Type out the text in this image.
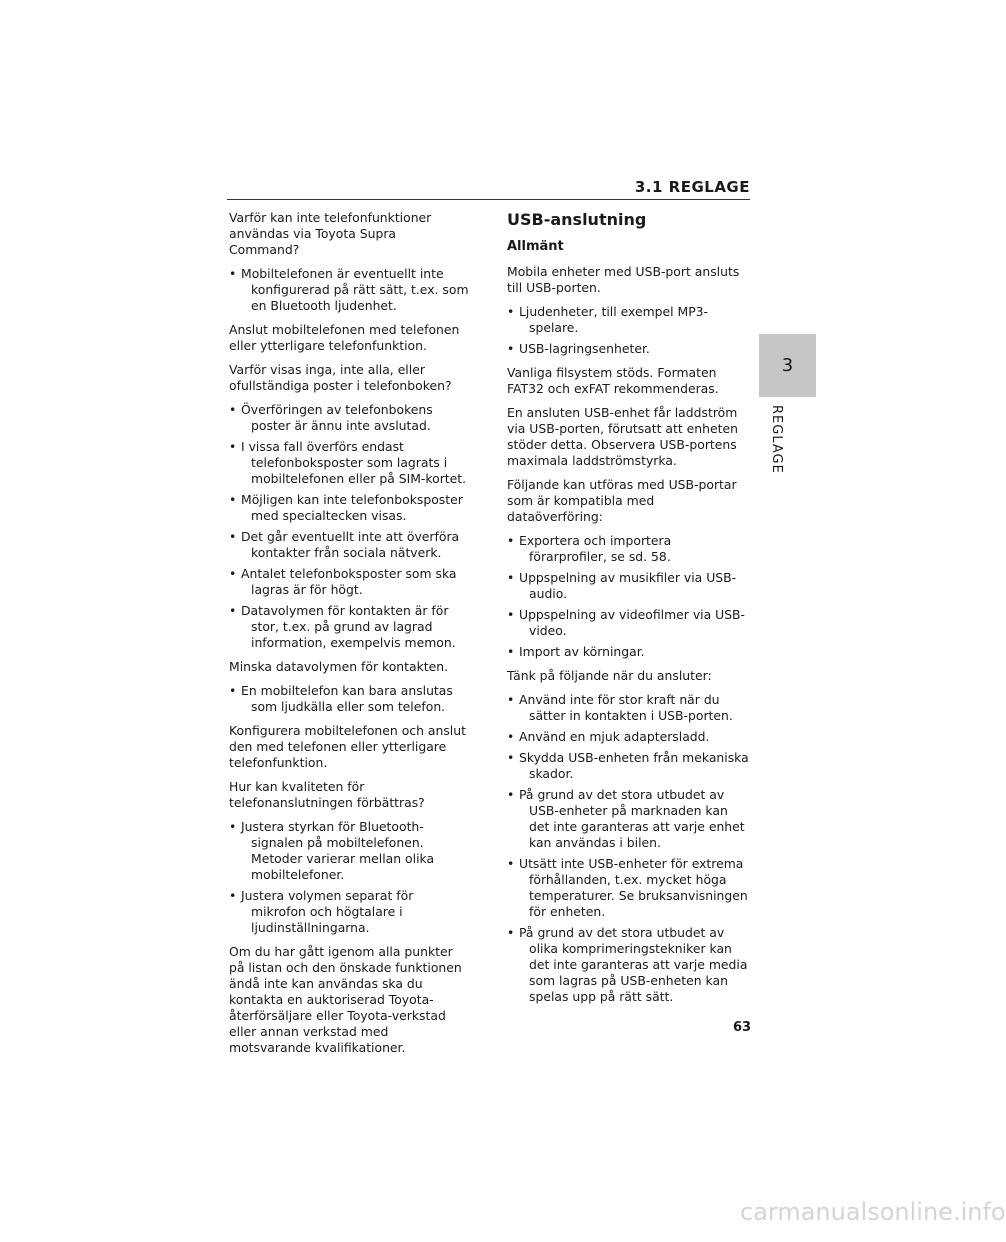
3.1 REGLAGE

Varför kan inte telefonfunktioner användas via Toyota Supra Command?

• Mobiltelefonen är eventuellt inte konfigurerad på rätt sätt, t.ex. som en Bluetooth ljudenhet.

Anslut mobiltelefonen med telefonen eller ytterligare telefonfunktion.

Varför visas inga, inte alla, eller ofullständiga poster i telefonboken?

• Överföringen av telefonbokens poster är ännu inte avslutad.
• I vissa fall överförs endast telefonboksposter som lagrats i mobiltelefonen eller på SIM-kortet.
• Möjligen kan inte telefonboksposter med specialtecken visas.
• Det går eventuellt inte att överföra kontakter från sociala nätverk.
• Antalet telefonboksposter som ska lagras är för högt.
• Datavolymen för kontakten är för stor, t.ex. på grund av lagrad information, exempelvis memon.

Minska datavolymen för kontakten.

• En mobiltelefon kan bara anslutas som ljudkälla eller som telefon.

Konfigurera mobiltelefonen och anslut den med telefonen eller ytterligare telefonfunktion.

Hur kan kvaliteten för telefonanslutningen förbättras?

• Justera styrkan för Bluetooth-signalen på mobiltelefonen. Metoder varierar mellan olika mobiltelefoner.
• Justera volymen separat för mikrofon och högtalare i ljudinställningarna.

Om du har gått igenom alla punkter på listan och den önskade funktionen ändå inte kan användas ska du kontakta en auktoriserad Toyota-återförsäljare eller Toyota-verkstad eller annan verkstad med motsvarande kvalifikationer.

USB-anslutning
Allmänt

Mobila enheter med USB-port ansluts till USB-porten.

• Ljudenheter, till exempel MP3-spelare.
• USB-lagringsenheter.

Vanliga filsystem stöds. Formaten FAT32 och exFAT rekommenderas.

En ansluten USB-enhet får laddström via USB-porten, förutsatt att enheten stöder detta. Observera USB-portens maximala laddströmstyrka.

Följande kan utföras med USB-portar som är kompatibla med dataöverföring:

• Exportera och importera förarprofiler, se sd. 58.
• Uppspelning av musikfiler via USB-audio.
• Uppspelning av videofilmer via USB-video.
• Import av körningar.

Tänk på följande när du ansluter:

• Använd inte för stor kraft när du sätter in kontakten i USB-porten.
• Använd en mjuk adaptersladd.
• Skydda USB-enheten från mekaniska skador.
• På grund av det stora utbudet av USB-enheter på marknaden kan det inte garanteras att varje enhet kan användas i bilen.
• Utsätt inte USB-enheter för extrema förhållanden, t.ex. mycket höga temperaturer. Se bruksanvisningen för enheten.
• På grund av det stora utbudet av olika komprimeringstekniker kan det inte garanteras att varje media som lagras på USB-enheten kan spelas upp på rätt sätt.
3
REGLAGE
63
carmanualsonline.info
